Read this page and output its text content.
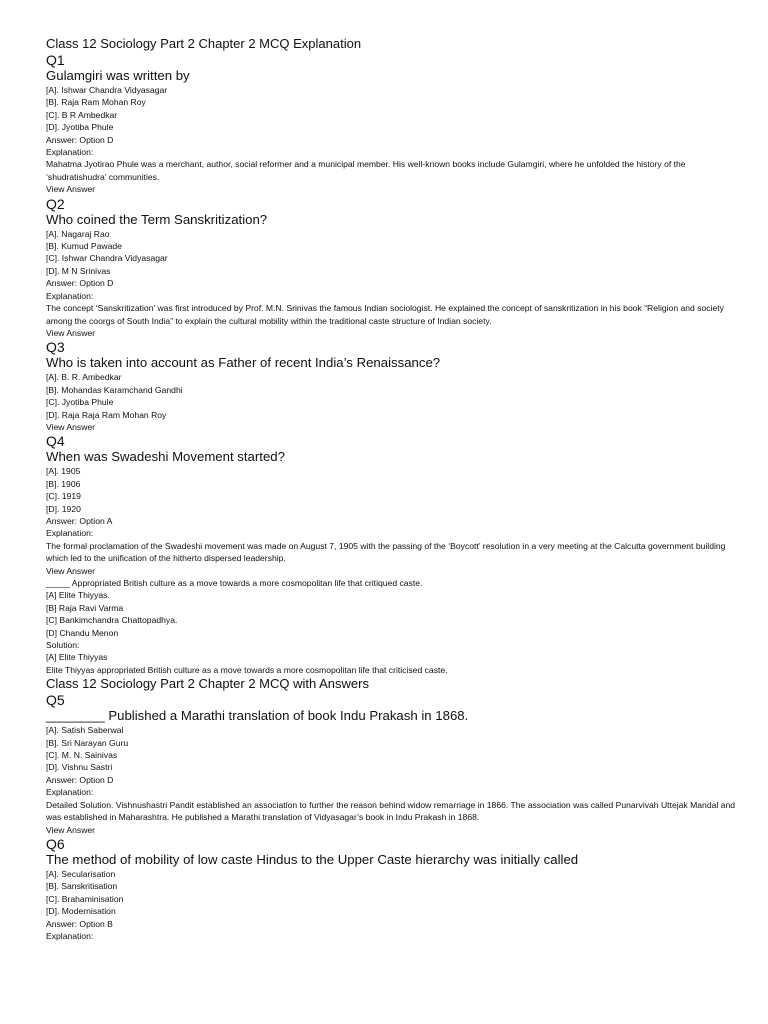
Class 12 Sociology Part 2 Chapter 2 MCQ Explanation
Q1
Gulamgiri was written by
[A]. Ishwar Chandra Vidyasagar
[B]. Raja Ram Mohan Roy
[C]. B R Ambedkar
[D]. Jyotiba Phule
Answer: Option D
Explanation:
Mahatma Jyotirao Phule was a merchant, author, social reformer and a municipal member. His well-known books include Gulamgiri, where he unfolded the history of the ‘shudratishudra’ communities.
View Answer
Q2
Who coined the Term Sanskritization?
[A]. Nagaraj Rao
[B]. Kumud Pawade
[C]. Ishwar Chandra Vidyasagar
[D]. M N Srinivas
Answer: Option D
Explanation:
The concept ‘Sanskritization’ was first introduced by Prof. M.N. Srinivas the famous Indian sociologist. He explained the concept of sanskritization in his book “Religion and society among the coorgs of South India” to explain the cultural mobility within the traditional caste structure of Indian society.
View Answer
Q3
Who is taken into account as Father of recent India’s Renaissance?
[A]. B. R. Ambedkar
[B]. Mohandas Karamchand Gandhi
[C]. Jyotiba Phule
[D]. Raja Raja Ram Mohan Roy
View Answer
Q4
When was Swadeshi Movement started?
[A]. 1905
[B]. 1906
[C]. 1919
[D]. 1920
Answer: Option A
Explanation:
The formal proclamation of the Swadeshi movement was made on August 7, 1905 with the passing of the ‘Boycott’ resolution in a very meeting at the Calcutta government building which led to the unification of the hitherto dispersed leadership.
View Answer
_____ Appropriated British culture as a move towards a more cosmopolitan life that critiqued caste.
[A] Elite Thiyyas.
[B] Raja Ravi Varma
[C] Bankimchandra Chattopadhya.
[D] Chandu Menon
Solution:
[A] Elite Thiyyas
Elite Thiyyas appropriated British culture as a move towards a more cosmopolitan life that criticised caste.
Class 12 Sociology Part 2 Chapter 2 MCQ with Answers
Q5
________ Published a Marathi translation of book Indu Prakash in 1868.
[A]. Satish Saberwal
[B]. Sri Narayan Guru
[C]. M. N. Sainivas
[D]. Vishnu Sastri
Answer: Option D
Explanation:
Detailed Solution. Vishnushastri Pandit established an association to further the reason behind widow remarriage in 1866. The association was called Punarvivah Uttejak Mandal and was established in Maharashtra. He published a Marathi translation of Vidyasagar’s book in Indu Prakash in 1868.
View Answer
Q6
The method of mobility of low caste Hindus to the Upper Caste hierarchy was initially called
[A]. Secularisation
[B]. Sanskritisation
[C]. Brahaminisation
[D]. Modernisation
Answer: Option B
Explanation:
